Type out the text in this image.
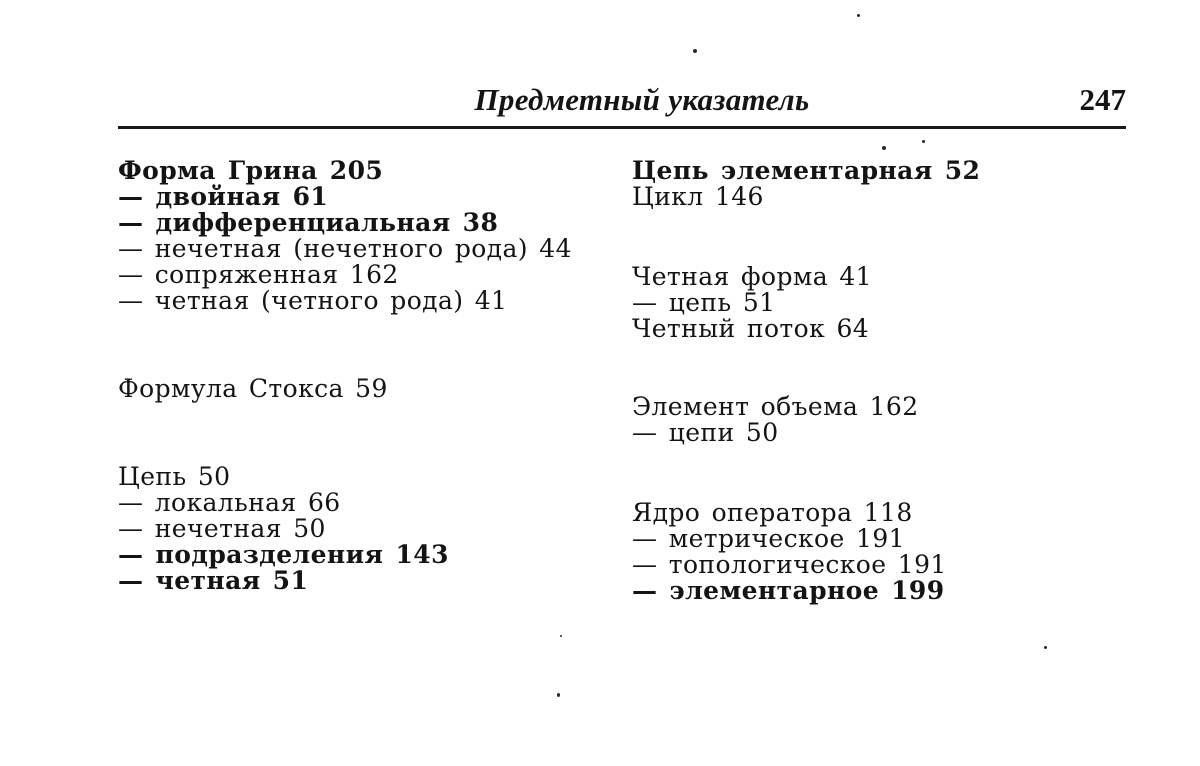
Предметный указатель	247
Форма Грина 205
— двойная 61
— дифференциальная 38
— нечетная (нечетного рода) 44
— сопряженная 162
— четная (четного рода) 41
Формула Стокса 59
Цепь 50
— локальная 66
— нечетная 50
— подразделения 143
— четная 51
Цепь элементарная 52
Цикл 146
Четная форма 41
— цепь 51
Четный поток 64
Элемент объема 162
— цепи 50
Ядро оператора 118
— метрическое 191
— топологическое 191
— элементарное 199
